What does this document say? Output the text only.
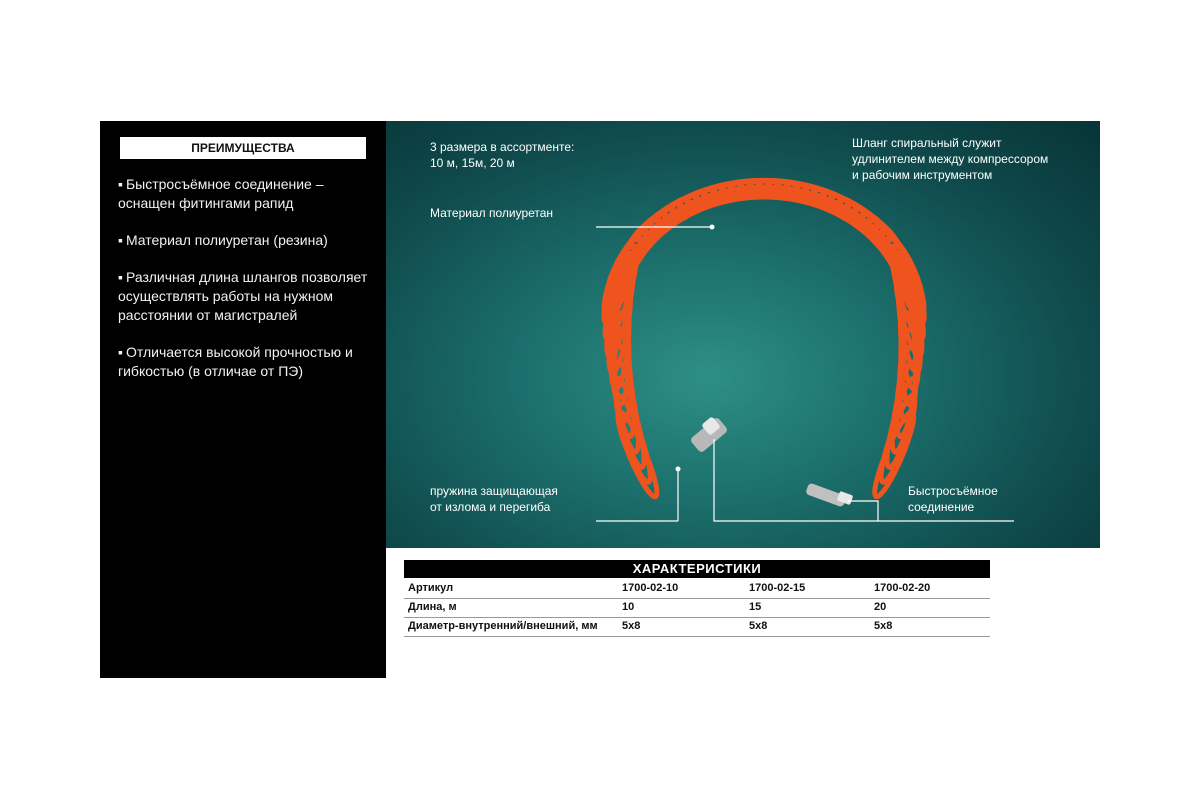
ПРЕИМУЩЕСТВА
▪ Быстросъёмное соединение – оснащен фитингами рапид
▪ Материал полиуретан (резина)
▪ Различная длина шлангов позволяет осуществлять работы на нужном расстоянии от магистралей
▪ Отличается высокой прочностью и гибкостью (в отличае от ПЭ)
3 размера в ассортменте:
10 м, 15м, 20 м
Шланг спиральный служит
удлинителем между компрессором
и рабочим инструментом
Материал полиуретан
пружина защищающая
от излома и перегиба
Быстросъёмное
соединение
ХАРАКТЕРИСТИКИ
Артикул	1700-02-10	1700-02-15	1700-02-20
Длина, м	10	15	20
Диаметр-внутренний/внешний, мм 5х8	5х8	5х8
